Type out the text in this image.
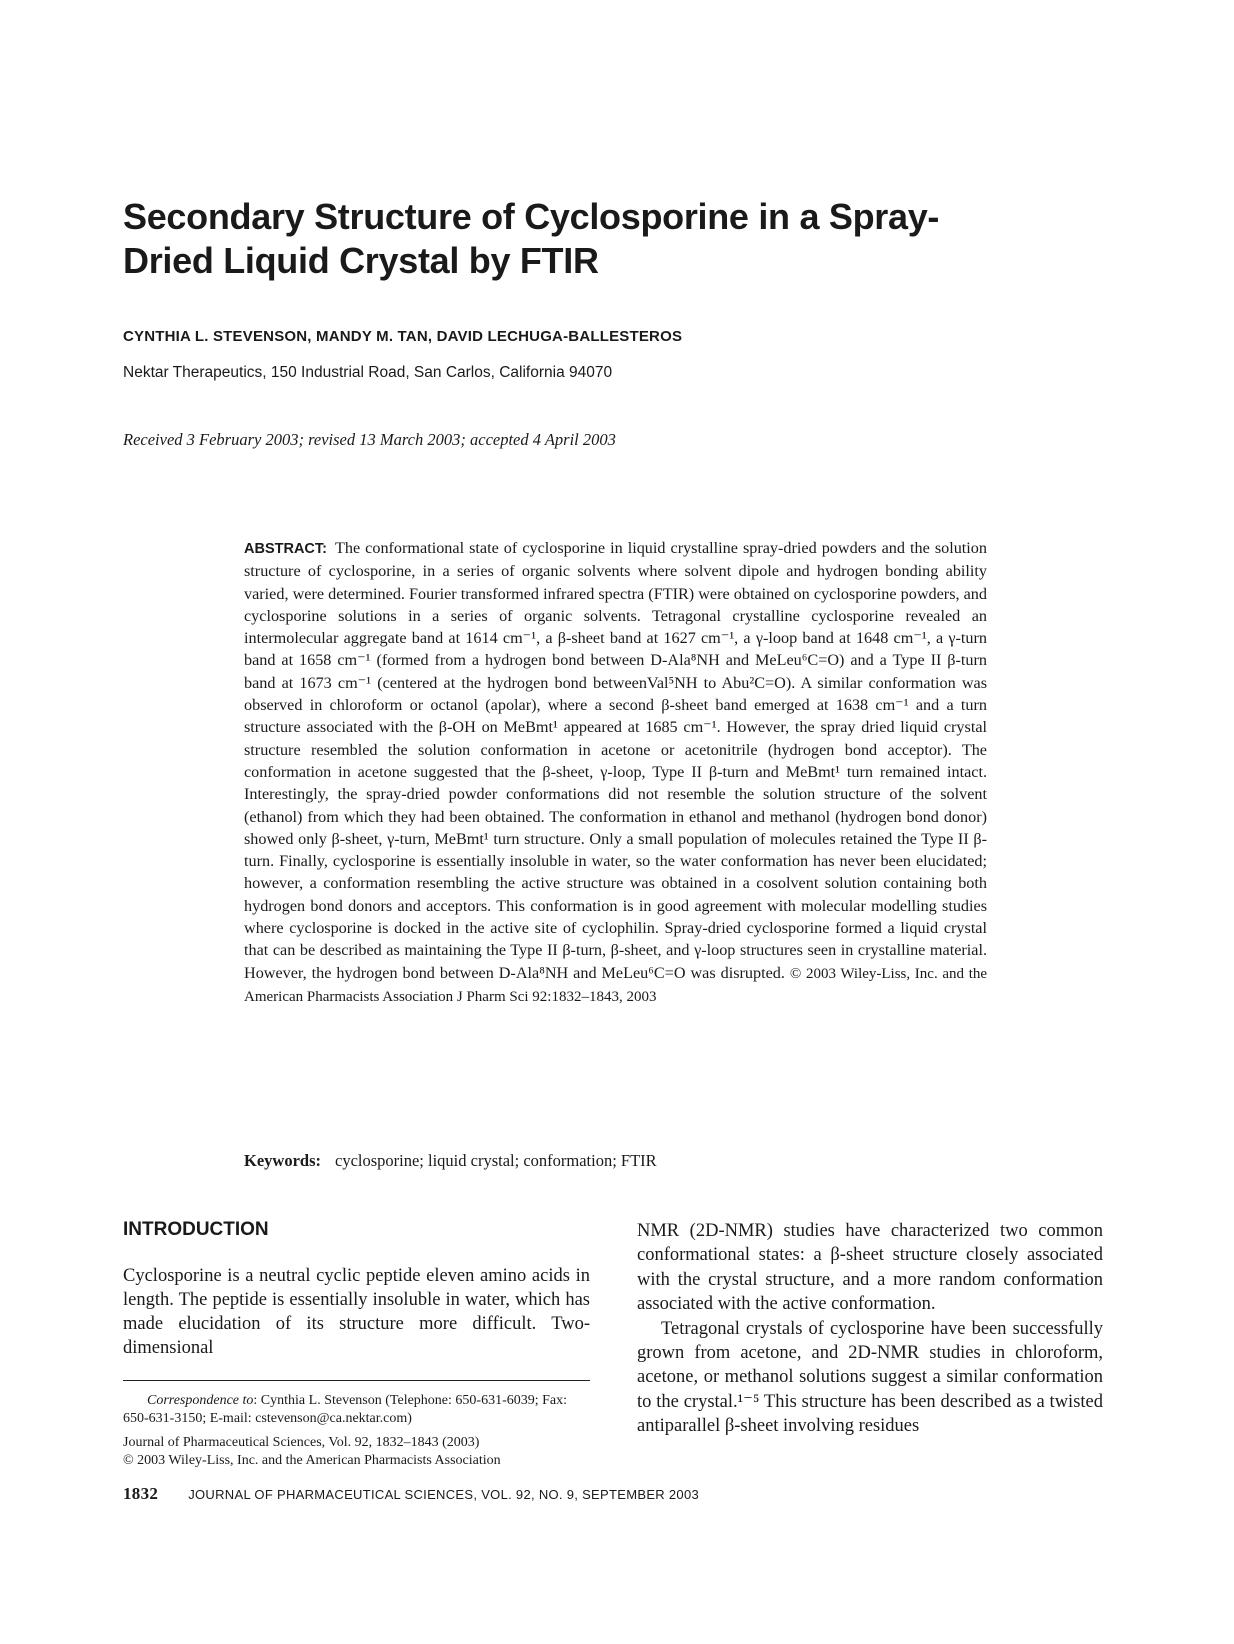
Secondary Structure of Cyclosporine in a Spray-Dried Liquid Crystal by FTIR
CYNTHIA L. STEVENSON, MANDY M. TAN, DAVID LECHUGA-BALLESTEROS
Nektar Therapeutics, 150 Industrial Road, San Carlos, California 94070
Received 3 February 2003; revised 13 March 2003; accepted 4 April 2003
ABSTRACT: The conformational state of cyclosporine in liquid crystalline spray-dried powders and the solution structure of cyclosporine, in a series of organic solvents where solvent dipole and hydrogen bonding ability varied, were determined. Fourier transformed infrared spectra (FTIR) were obtained on cyclosporine powders, and cyclosporine solutions in a series of organic solvents. Tetragonal crystalline cyclosporine revealed an intermolecular aggregate band at 1614 cm⁻¹, a β-sheet band at 1627 cm⁻¹, a γ-loop band at 1648 cm⁻¹, a γ-turn band at 1658 cm⁻¹ (formed from a hydrogen bond between D-Ala⁸NH and MeLeu⁶C=O) and a Type II β-turn band at 1673 cm⁻¹ (centered at the hydrogen bond betweenVal⁵NH to Abu²C=O). A similar conformation was observed in chloroform or octanol (apolar), where a second β-sheet band emerged at 1638 cm⁻¹ and a turn structure associated with the β-OH on MeBmt¹ appeared at 1685 cm⁻¹. However, the spray dried liquid crystal structure resembled the solution conformation in acetone or acetonitrile (hydrogen bond acceptor). The conformation in acetone suggested that the β-sheet, γ-loop, Type II β-turn and MeBmt¹ turn remained intact. Interestingly, the spray-dried powder conformations did not resemble the solution structure of the solvent (ethanol) from which they had been obtained. The conformation in ethanol and methanol (hydrogen bond donor) showed only β-sheet, γ-turn, MeBmt¹ turn structure. Only a small population of molecules retained the Type II β-turn. Finally, cyclosporine is essentially insoluble in water, so the water conformation has never been elucidated; however, a conformation resembling the active structure was obtained in a cosolvent solution containing both hydrogen bond donors and acceptors. This conformation is in good agreement with molecular modelling studies where cyclosporine is docked in the active site of cyclophilin. Spray-dried cyclosporine formed a liquid crystal that can be described as maintaining the Type II β-turn, β-sheet, and γ-loop structures seen in crystalline material. However, the hydrogen bond between D-Ala⁸NH and MeLeu⁶C=O was disrupted. © 2003 Wiley-Liss, Inc. and the American Pharmacists Association J Pharm Sci 92:1832–1843, 2003
Keywords: cyclosporine; liquid crystal; conformation; FTIR
INTRODUCTION
Cyclosporine is a neutral cyclic peptide eleven amino acids in length. The peptide is essentially insoluble in water, which has made elucidation of its structure more difficult. Two-dimensional
Correspondence to: Cynthia L. Stevenson (Telephone: 650-631-6039; Fax: 650-631-3150; E-mail: cstevenson@ca.nektar.com)
Journal of Pharmaceutical Sciences, Vol. 92, 1832–1843 (2003)
© 2003 Wiley-Liss, Inc. and the American Pharmacists Association

NMR (2D-NMR) studies have characterized two common conformational states: a β-sheet structure closely associated with the crystal structure, and a more random conformation associated with the active conformation.

Tetragonal crystals of cyclosporine have been successfully grown from acetone, and 2D-NMR studies in chloroform, acetone, or methanol solutions suggest a similar conformation to the crystal.¹⁻⁵ This structure has been described as a twisted antiparallel β-sheet involving residues

1832 JOURNAL OF PHARMACEUTICAL SCIENCES, VOL. 92, NO. 9, SEPTEMBER 2003
